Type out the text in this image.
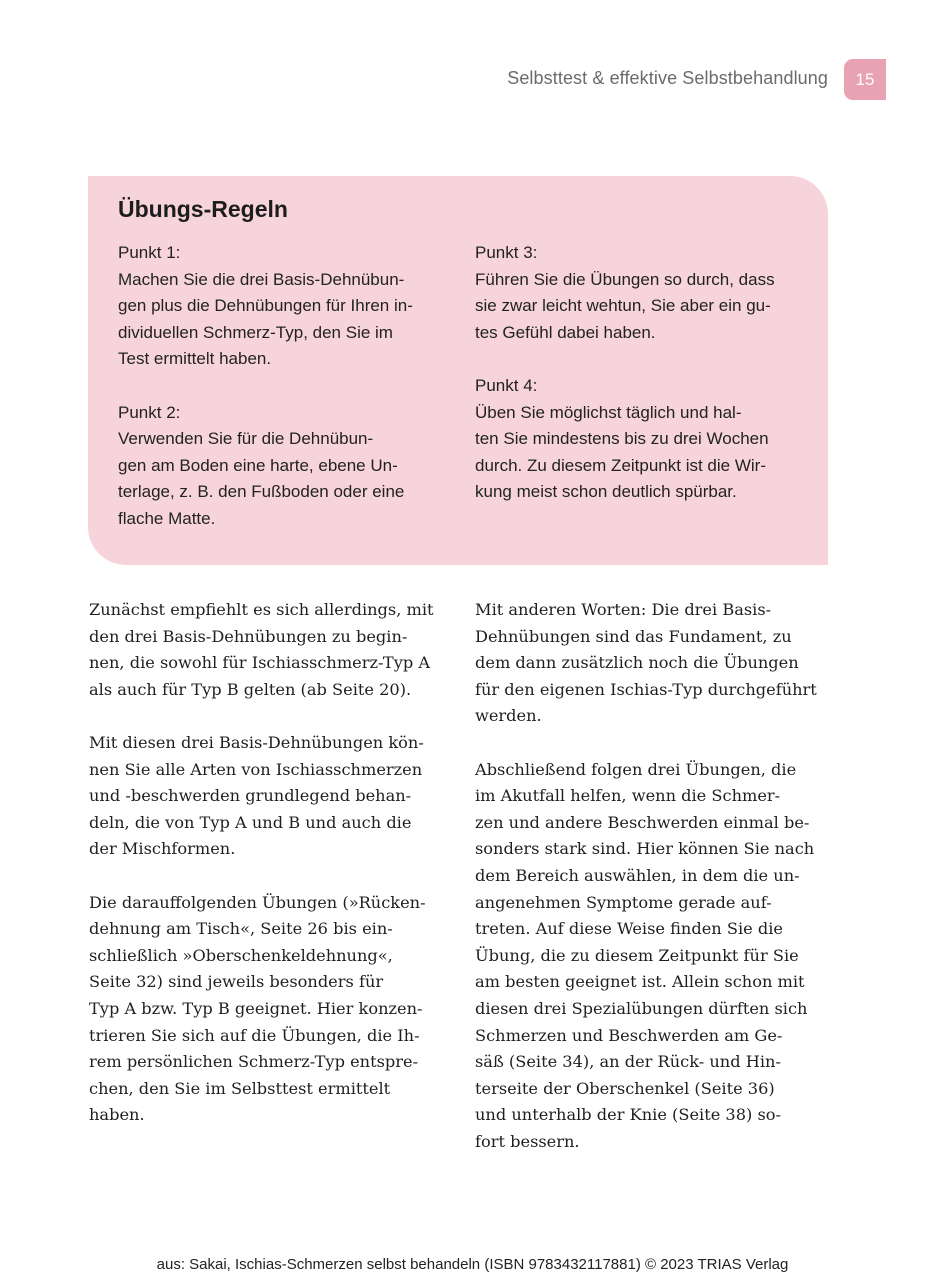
Selbsttest & effektive Selbstbehandlung	15
Übungs-Regeln
Punkt 1:
Machen Sie die drei Basis-Dehnübun-
gen plus die Dehnübungen für Ihren in-
dividuellen Schmerz-Typ, den Sie im
Test ermittelt haben.
Punkt 2:
Verwenden Sie für die Dehnübun-
gen am Boden eine harte, ebene Un-
terlage, z. B. den Fußboden oder eine
flache Matte.
Punkt 3:
Führen Sie die Übungen so durch, dass
sie zwar leicht wehtun, Sie aber ein gu-
tes Gefühl dabei haben.
Punkt 4:
Üben Sie möglichst täglich und hal-
ten Sie mindestens bis zu drei Wochen
durch. Zu diesem Zeitpunkt ist die Wir-
kung meist schon deutlich spürbar.
Zunächst empfiehlt es sich allerdings, mit
den drei Basis-Dehnübungen zu begin-
nen, die sowohl für Ischiasschmerz-Typ A
als auch für Typ B gelten (ab Seite 20).
Mit diesen drei Basis-Dehnübungen kön-
nen Sie alle Arten von Ischiasschmerzen
und -beschwerden grundlegend behan-
deln, die von Typ A und B und auch die
der Mischformen.
Die darauffolgenden Übungen (»Rücken-
dehnung am Tisch«, Seite 26 bis ein-
schließlich »Oberschenkeldehnung«,
Seite 32) sind jeweils besonders für
Typ A bzw. Typ B geeignet. Hier konzen-
trieren Sie sich auf die Übungen, die Ih-
rem persönlichen Schmerz-Typ entspre-
chen, den Sie im Selbsttest ermittelt
haben.
Mit anderen Worten: Die drei Basis-
Dehnübungen sind das Fundament, zu
dem dann zusätzlich noch die Übungen
für den eigenen Ischias-Typ durchgeführt
werden.
Abschließend folgen drei Übungen, die
im Akutfall helfen, wenn die Schmer-
zen und andere Beschwerden einmal be-
sonders stark sind. Hier können Sie nach
dem Bereich auswählen, in dem die un-
angenehmen Symptome gerade auf-
treten. Auf diese Weise finden Sie die
Übung, die zu diesem Zeitpunkt für Sie
am besten geeignet ist. Allein schon mit
diesen drei Spezialübungen dürften sich
Schmerzen und Beschwerden am Ge-
säß (Seite 34), an der Rück- und Hin-
terseite der Oberschenkel (Seite 36)
und unterhalb der Knie (Seite 38) so-
fort bessern.
aus: Sakai, Ischias-Schmerzen selbst behandeln (ISBN 9783432117881) © 2023 TRIAS Verlag
